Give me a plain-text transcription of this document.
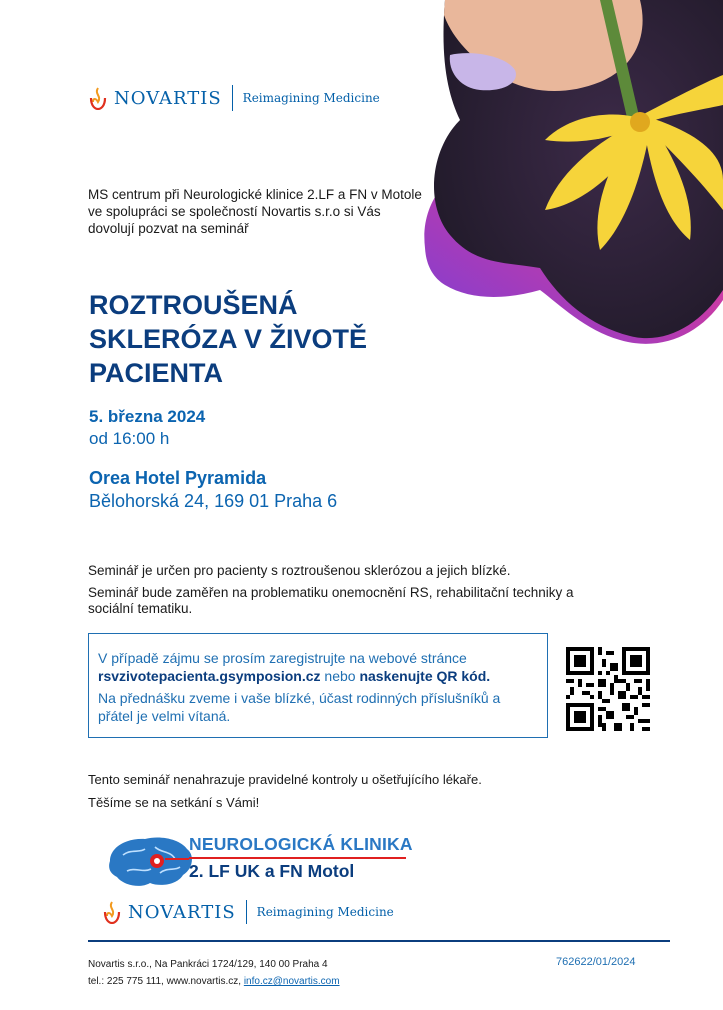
NOVARTIS Reimagining Medicine
MS centrum při Neurologické klinice 2.LF a FN v Motole
ve spolupráci se společností Novartis s.r.o si Vás
dovolují pozvat na seminář
ROZTROUŠENÁ
SKLERÓZA V ŽIVOTĚ
PACIENTA
5. března 2024
od 16:00 h
Orea Hotel Pyramida
Bělohorská 24, 169 01 Praha 6

Seminář je určen pro pacienty s roztroušenou sklerózou a jejich blízké.

Seminář bude zaměřen na problematiku onemocnění RS, rehabilitační techniky a sociální tematiku.

V případě zájmu se prosím zaregistrujte na webové stránce
rsvzivotepacienta.gsymposion.cz nebo naskenujte QR kód.

Na přednášku zveme i vaše blízké, účast rodinných příslušníků a přátel je velmi vítaná.

Tento seminář nenahrazuje pravidelné kontroly u ošetřujícího lékaře.
Těšíme se na setkání s Vámi!
NEUROLOGICKÁ KLINIKA
2. LF UK a FN Motol
NOVARTIS Reimagining Medicine
Novartis s.r.o., Na Pankráci 1724/129, 140 00 Praha 4
tel.: 225 775 111, www.novartis.cz, info.cz@novartis.com
762622/01/2024
